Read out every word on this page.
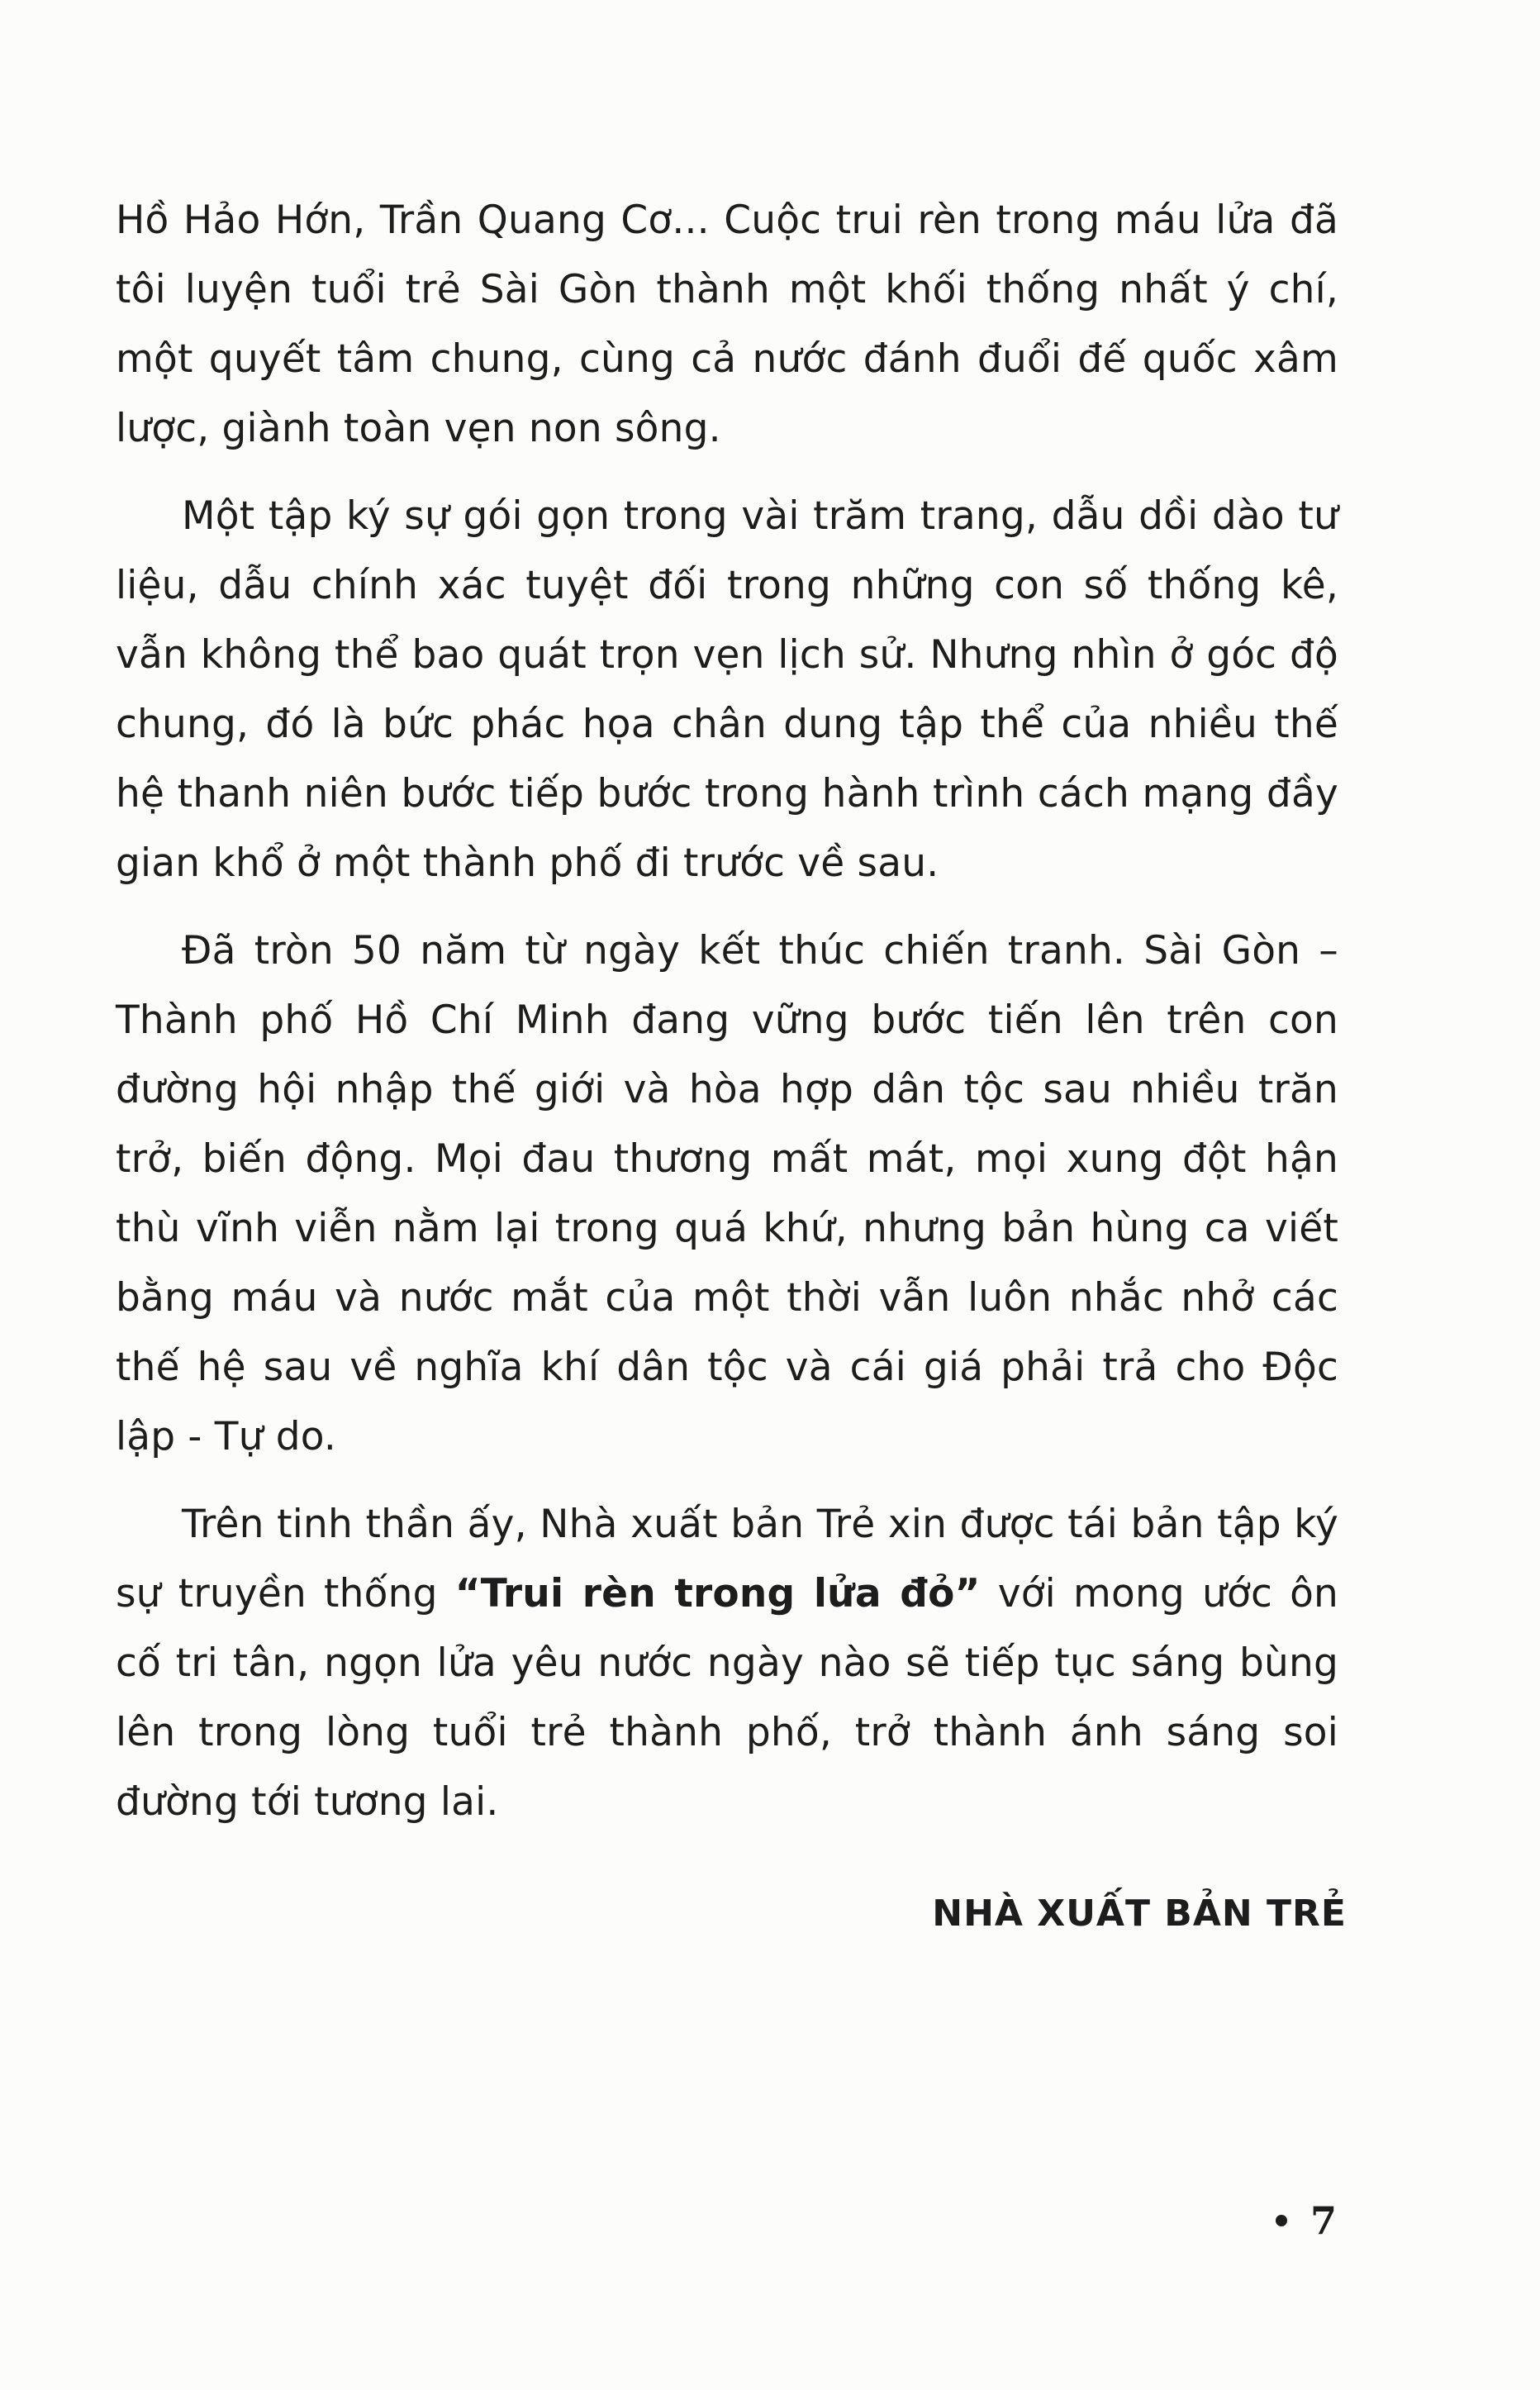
Hồ Hảo Hớn, Trần Quang Cơ... Cuộc trui rèn trong máu lửa đã tôi luyện tuổi trẻ Sài Gòn thành một khối thống nhất ý chí, một quyết tâm chung, cùng cả nước đánh đuổi đế quốc xâm lược, giành toàn vẹn non sông.

Một tập ký sự gói gọn trong vài trăm trang, dẫu dồi dào tư liệu, dẫu chính xác tuyệt đối trong những con số thống kê, vẫn không thể bao quát trọn vẹn lịch sử. Nhưng nhìn ở góc độ chung, đó là bức phác họa chân dung tập thể của nhiều thế hệ thanh niên bước tiếp bước trong hành trình cách mạng đầy gian khổ ở một thành phố đi trước về sau.

Đã tròn 50 năm từ ngày kết thúc chiến tranh. Sài Gòn – Thành phố Hồ Chí Minh đang vững bước tiến lên trên con đường hội nhập thế giới và hòa hợp dân tộc sau nhiều trăn trở, biến động. Mọi đau thương mất mát, mọi xung đột hận thù vĩnh viễn nằm lại trong quá khứ, nhưng bản hùng ca viết bằng máu và nước mắt của một thời vẫn luôn nhắc nhở các thế hệ sau về nghĩa khí dân tộc và cái giá phải trả cho Độc lập - Tự do.

Trên tinh thần ấy, Nhà xuất bản Trẻ xin được tái bản tập ký sự truyền thống “Trui rèn trong lửa đỏ” với mong ước ôn cố tri tân, ngọn lửa yêu nước ngày nào sẽ tiếp tục sáng bùng lên trong lòng tuổi trẻ thành phố, trở thành ánh sáng soi đường tới tương lai.

NHÀ XUẤT BẢN TRẺ
7
